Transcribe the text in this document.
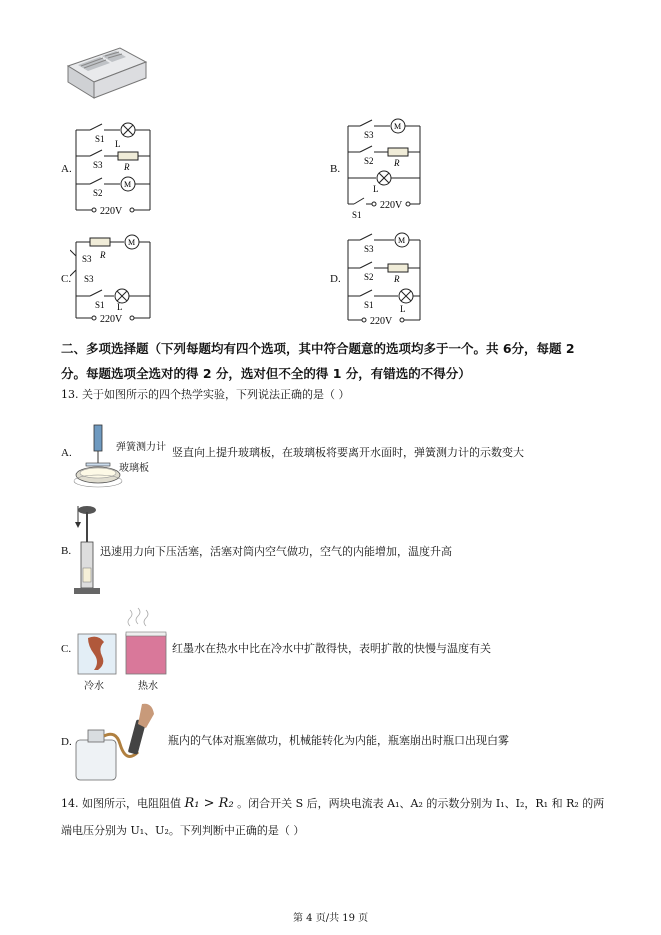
A.
S1 L
S3 R
S2
M
220V
B.
S3
M
S2 R
L
S1
220V
C.
R
M
S3
S3
S1 L
220V
D.
S3
M
S2 R
S1	L
220V
二、多项选择题（下列每题均有四个选项，其中符合题意的选项均多于一个。共 6分，每题 2
分。每题选项全选对的得 2 分，选对但不全的得 1 分，有错选的不得分）
13. 关于如图所示的四个热学实验，下列说法正确的是（ ）
A.	弹簧测力计
玻璃板
竖直向上提升玻璃板，在玻璃板将要离开水面时，弹簧测力计的示数变大
B.	迅速用力向下压活塞，活塞对筒内空气做功，空气的内能增加，温度升高
C.
冷水	热水
红墨水在热水中比在冷水中扩散得快，表明扩散的快慢与温度有关
D.	瓶内的气体对瓶塞做功，机械能转化为内能，瓶塞崩出时瓶口出现白雾
14. 如图所示，电阻阻值 R₁ > R₂ 。闭合开关 S 后，两块电流表 A₁、A₂ 的示数分别为 I₁、I₂，R₁ 和 R₂ 的两
端电压分别为 U₁、U₂。下列判断中正确的是（ ）
第 4 页/共 19 页
